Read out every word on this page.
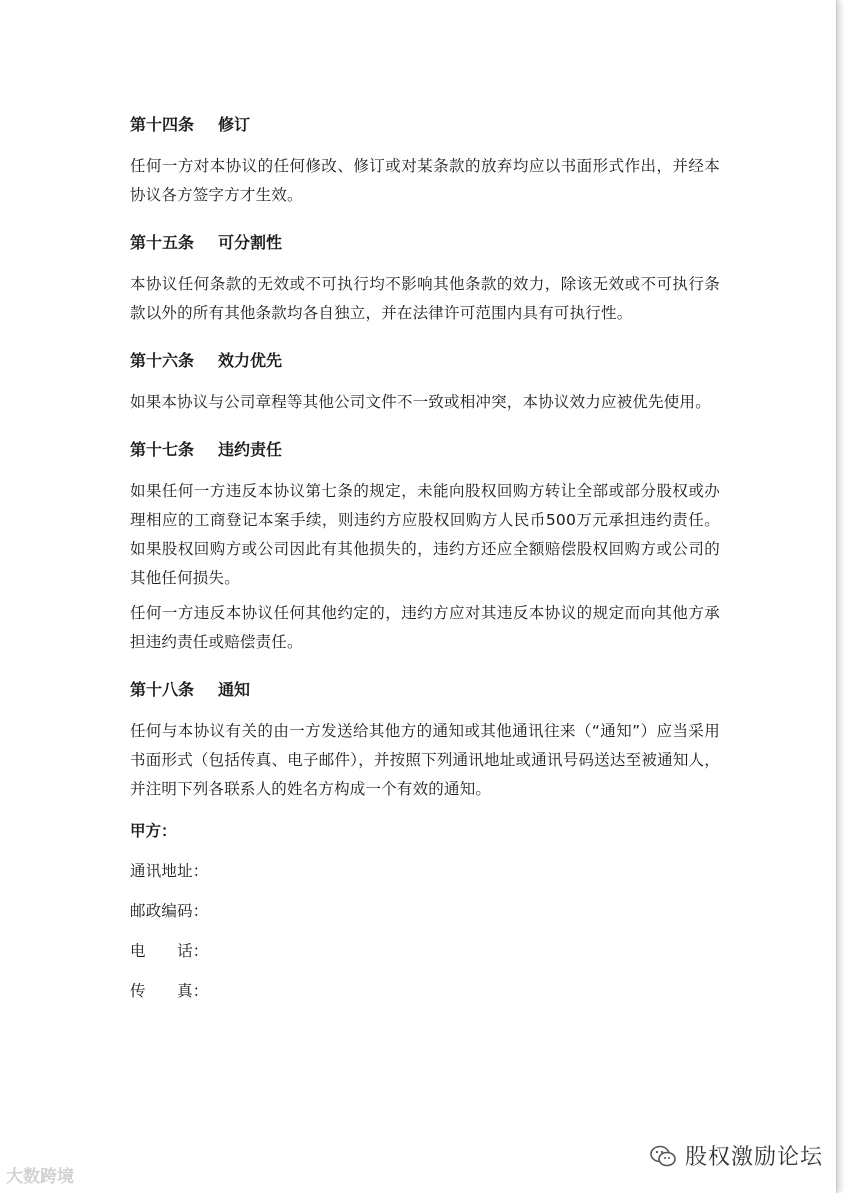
第十四条 修订

任何一方对本协议的任何修改、修订或对某条款的放弃均应以书面形式作出，并经本协议各方签字方才生效。

第十五条 可分割性

本协议任何条款的无效或不可执行均不影响其他条款的效力，除该无效或不可执行条款以外的所有其他条款均各自独立，并在法律许可范围内具有可执行性。

第十六条 效力优先

如果本协议与公司章程等其他公司文件不一致或相冲突，本协议效力应被优先使用。

第十七条 违约责任

如果任何一方违反本协议第七条的规定，未能向股权回购方转让全部或部分股权或办理相应的工商登记本案手续，则违约方应股权回购方人民币500万元承担违约责任。如果股权回购方或公司因此有其他损失的，违约方还应全额赔偿股权回购方或公司的其他任何损失。

任何一方违反本协议任何其他约定的，违约方应对其违反本协议的规定而向其他方承担违约责任或赔偿责任。

第十八条 通知

任何与本协议有关的由一方发送给其他方的通知或其他通讯往来（“通知”）应当采用书面形式（包括传真、电子邮件），并按照下列通讯地址或通讯号码送达至被通知人，并注明下列各联系人的姓名方构成一个有效的通知。

甲方：

通讯地址：

邮政编码：

电　　话：

传　　真：

大数跨境
股权激励论坛
